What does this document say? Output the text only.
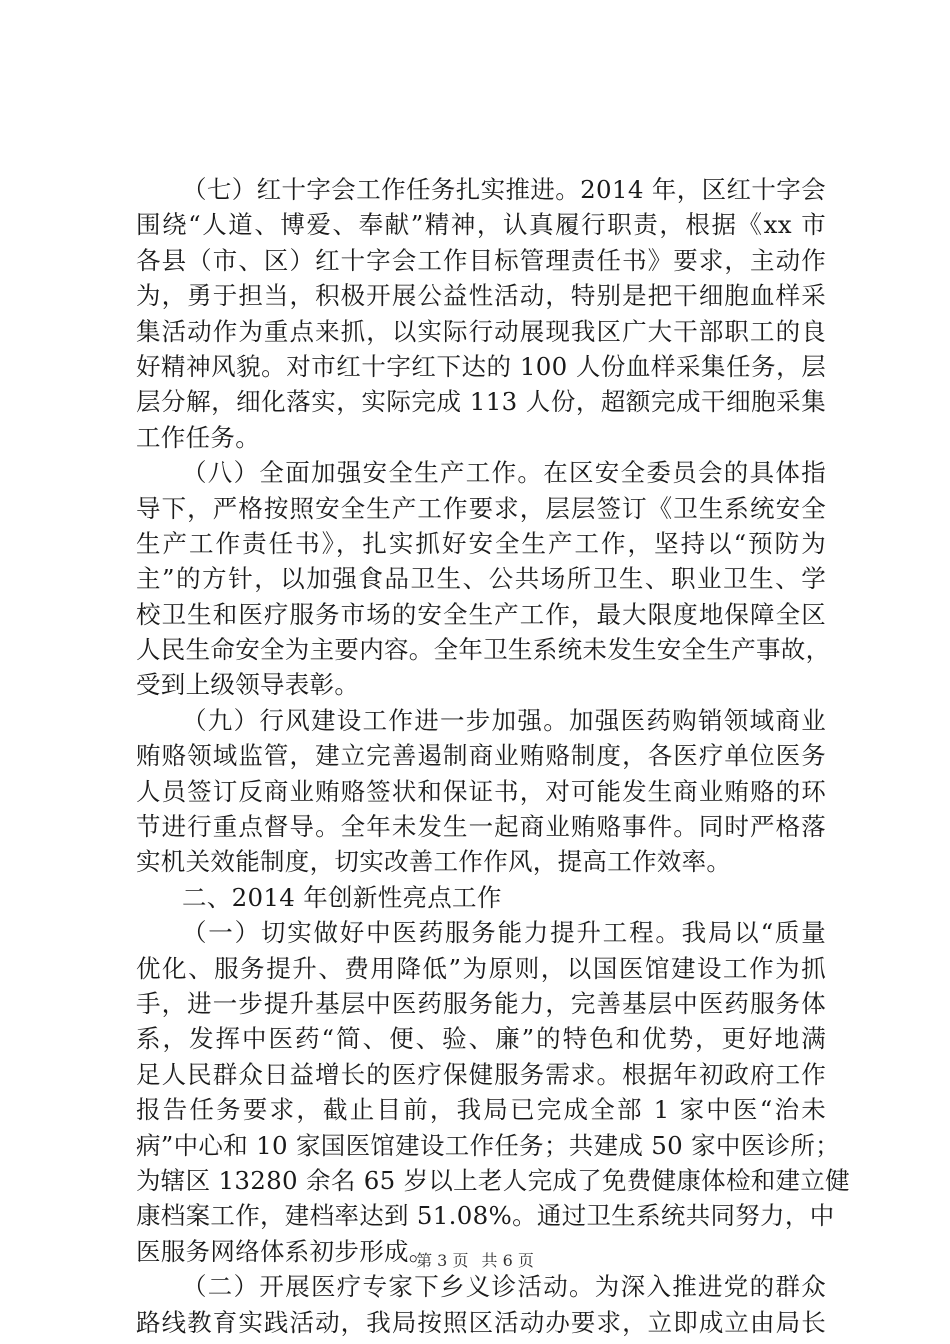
（七）红十字会工作任务扎实推进。2014 年，区红十字会
围绕“人道、博爱、奉献”精神，认真履行职责，根据《xx 市
各县（市、区）红十字会工作目标管理责任书》要求，主动作
为，勇于担当，积极开展公益性活动，特别是把干细胞血样采
集活动作为重点来抓，以实际行动展现我区广大干部职工的良
好精神风貌。对市红十字红下达的 100 人份血样采集任务，层
层分解，细化落实，实际完成 113 人份，超额完成干细胞采集
工作任务。
（八）全面加强安全生产工作。在区安全委员会的具体指
导下，严格按照安全生产工作要求，层层签订《卫生系统安全
生产工作责任书》，扎实抓好安全生产工作，坚持以“预防为
主”的方针，以加强食品卫生、公共场所卫生、职业卫生、学
校卫生和医疗服务市场的安全生产工作，最大限度地保障全区
人民生命安全为主要内容。全年卫生系统未发生安全生产事故，
受到上级领导表彰。
（九）行风建设工作进一步加强。加强医药购销领域商业
贿赂领域监管，建立完善遏制商业贿赂制度，各医疗单位医务
人员签订反商业贿赂签状和保证书，对可能发生商业贿赂的环
节进行重点督导。全年未发生一起商业贿赂事件。同时严格落
实机关效能制度，切实改善工作作风，提高工作效率。
二、2014 年创新性亮点工作
（一）切实做好中医药服务能力提升工程。我局以“质量
优化、服务提升、费用降低”为原则，以国医馆建设工作为抓
手，进一步提升基层中医药服务能力，完善基层中医药服务体
系，发挥中医药“简、便、验、廉”的特色和优势，更好地满
足人民群众日益增长的医疗保健服务需求。根据年初政府工作
报告任务要求，截止目前，我局已完成全部 1 家中医“治未
病”中心和 10 家国医馆建设工作任务；共建成 50 家中医诊所；
为辖区 13280 余名 65 岁以上老人完成了免费健康体检和建立健
康档案工作，建档率达到 51.08%。通过卫生系统共同努力，中
医服务网络体系初步形成。
（二）开展医疗专家下乡义诊活动。为深入推进党的群众
路线教育实践活动，我局按照区活动办要求，立即成立由局长
第 3 页 共 6 页
